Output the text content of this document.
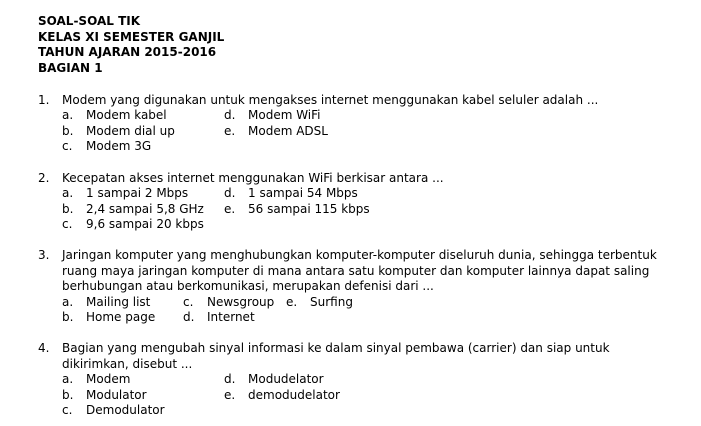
SOAL-SOAL TIK
KELAS XI SEMESTER GANJIL
TAHUN AJARAN 2015-2016
BAGIAN 1
1. Modem yang digunakan untuk mengakses internet menggunakan kabel seluler adalah ...
a. Modem kabel	d. Modem WiFi
b. Modem dial up	e. Modem ADSL
c. Modem 3G
2. Kecepatan akses internet menggunakan WiFi berkisar antara ...
a. 1 sampai 2 Mbps	d. 1 sampai 54 Mbps
b. 2,4 sampai 5,8 GHz e. 56 sampai 115 kbps
c. 9,6 sampai 20 kbps
3. Jaringan komputer yang menghubungkan komputer-komputer diseluruh dunia, sehingga terbentuk
ruang maya jaringan komputer di mana antara satu komputer dan komputer lainnya dapat saling
berhubungan atau berkomunikasi, merupakan defenisi dari ...
a. Mailing list	c. Newsgroup e. Surfing
b. Home page d. Internet
4. Bagian yang mengubah sinyal informasi ke dalam sinyal pembawa (carrier) dan siap untuk
dikirimkan, disebut ...
a. Modem	d. Modudelator
b. Modulator	e. demodudelator
c. Demodulator
